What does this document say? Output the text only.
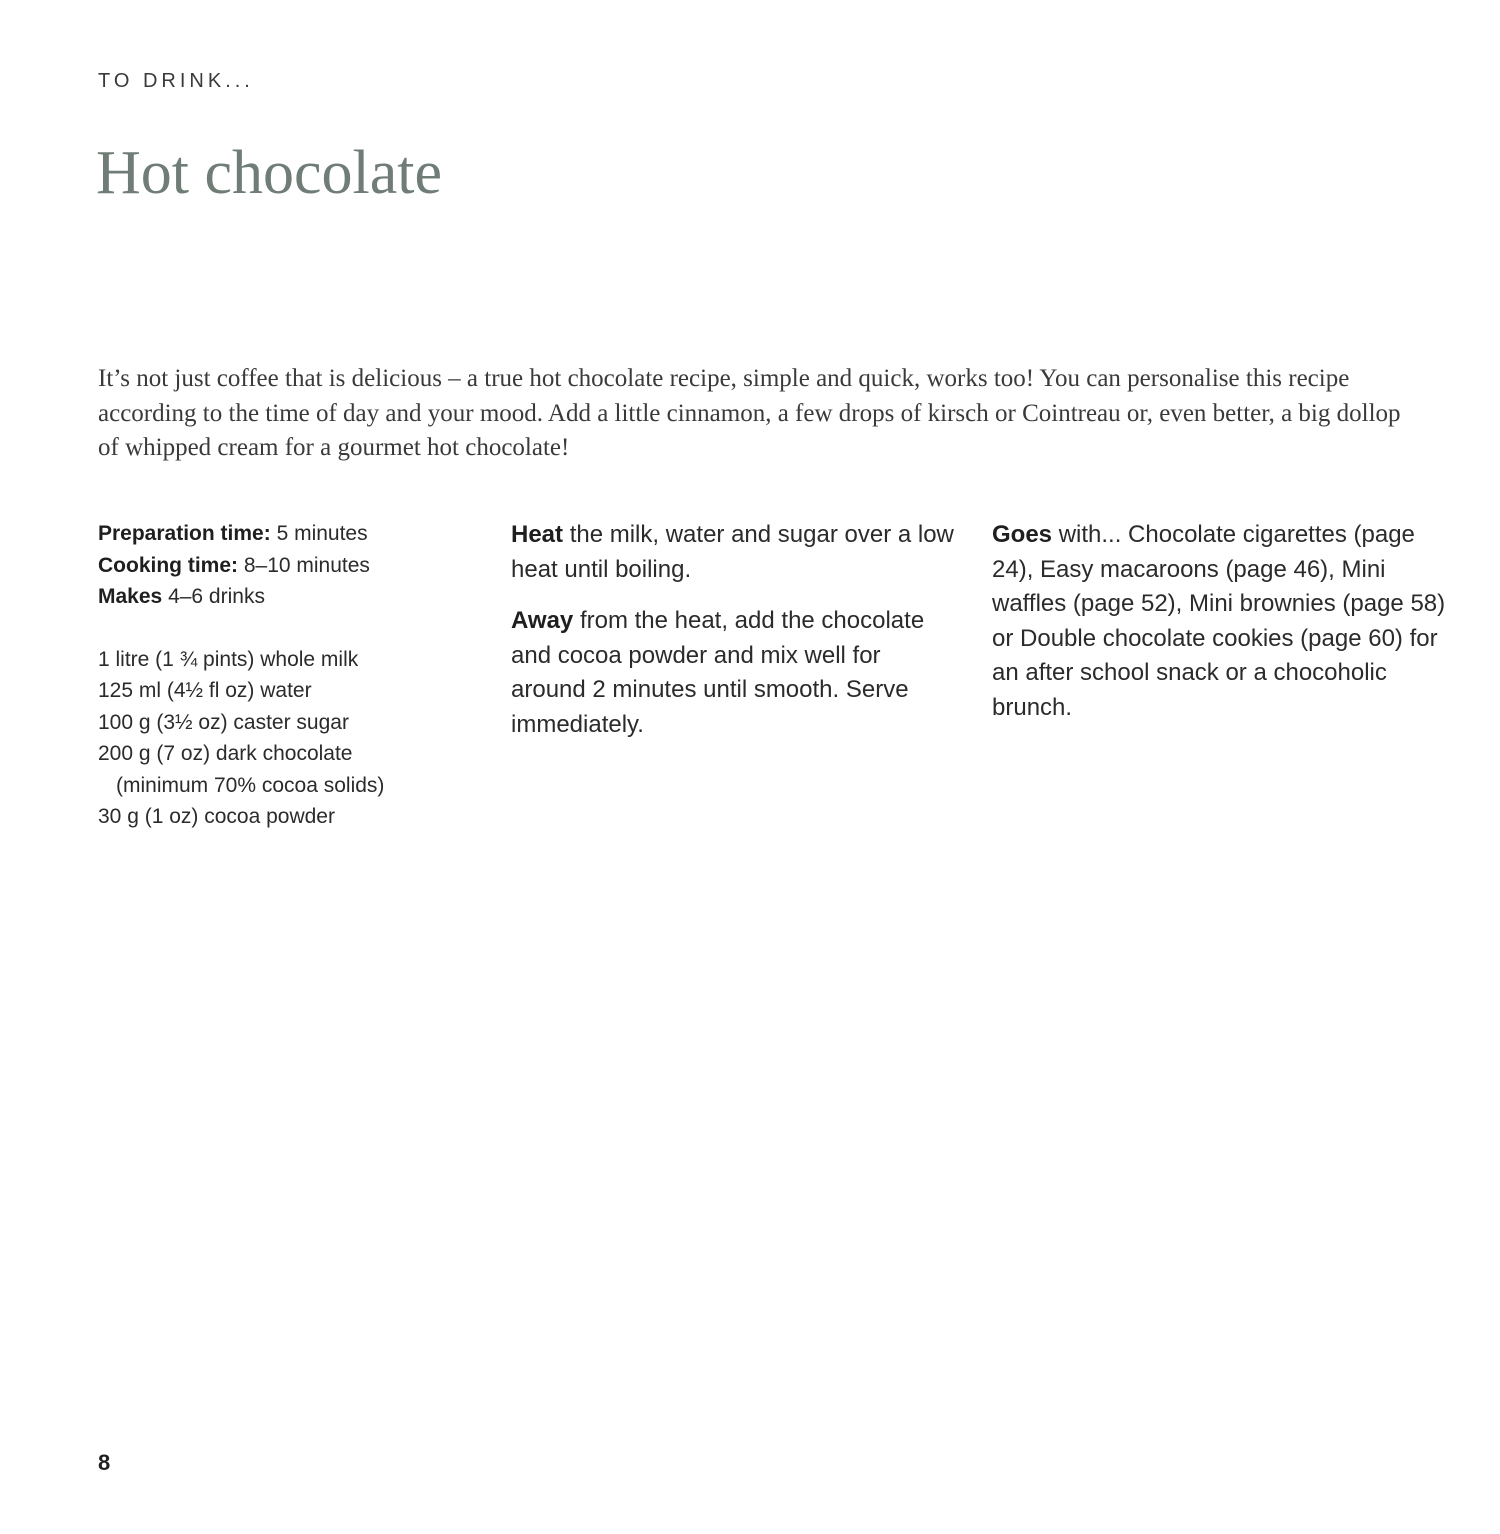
TO DRINK...
Hot chocolate

It’s not just coffee that is delicious – a true hot chocolate recipe, simple and quick, works too! You can personalise this recipe according to the time of day and your mood. Add a little cinnamon, a few drops of kirsch or Cointreau or, even better, a big dollop of whipped cream for a gourmet hot chocolate!

Preparation time: 5 minutes
Cooking time: 8–10 minutes
Makes 4–6 drinks
1 litre (1 ¾ pints) whole milk
125 ml (4½ fl oz) water
100 g (3½ oz) caster sugar
200 g (7 oz) dark chocolate (minimum 70% cocoa solids)
30 g (1 oz) cocoa powder

Heat the milk, water and sugar over a low heat until boiling.

Away from the heat, add the chocolate and cocoa powder and mix well for around 2 minutes until smooth. Serve immediately.

Goes with... Chocolate cigarettes (page 24), Easy macaroons (page 46), Mini waffles (page 52), Mini brownies (page 58) or Double chocolate cookies (page 60) for an after school snack or a chocoholic brunch.

8
